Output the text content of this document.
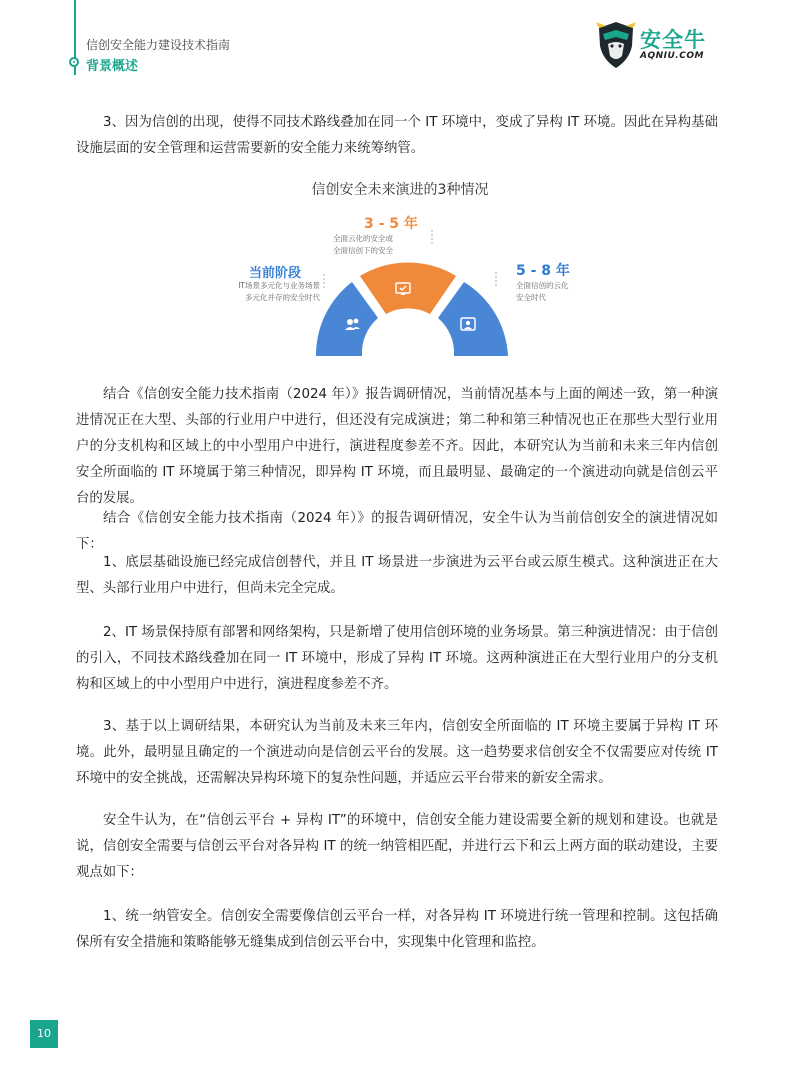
信创安全能力建设技术指南
背景概述
安全牛
AQNIU.COM

3、因为信创的出现，使得不同技术路线叠加在同一个 IT 环境中，变成了异构 IT 环境。因此在异构基础设施层面的安全管理和运营需要新的安全能力来统筹纳管。

信创安全未来演进的3种情况
当前阶段
IT场景多元化与业务场景
多元化并存的安全时代
3 - 5 年
全面云化的安全或
全面信创下的安全
5 - 8 年
全面信创的云化
安全时代

结合《信创安全能力技术指南（2024 年）》报告调研情况，当前情况基本与上面的阐述一致，第一种演进情况正在大型、头部的行业用户中进行，但还没有完成演进；第二种和第三种情况也正在那些大型行业用户的分支机构和区域上的中小型用户中进行，演进程度参差不齐。因此，本研究认为当前和未来三年内信创安全所面临的 IT 环境属于第三种情况，即异构 IT 环境，而且最明显、最确定的一个演进动向就是信创云平台的发展。

结合《信创安全能力技术指南（2024 年）》的报告调研情况，安全牛认为当前信创安全的演进情况如下：

1、底层基础设施已经完成信创替代，并且 IT 场景进一步演进为云平台或云原生模式。这种演进正在大型、头部行业用户中进行，但尚未完全完成。

2、IT 场景保持原有部署和网络架构，只是新增了使用信创环境的业务场景。第三种演进情况：由于信创的引入，不同技术路线叠加在同一 IT 环境中，形成了异构 IT 环境。这两种演进正在大型行业用户的分支机构和区域上的中小型用户中进行，演进程度参差不齐。

3、基于以上调研结果，本研究认为当前及未来三年内，信创安全所面临的 IT 环境主要属于异构 IT 环境。此外，最明显且确定的一个演进动向是信创云平台的发展。这一趋势要求信创安全不仅需要应对传统 IT 环境中的安全挑战，还需解决异构环境下的复杂性问题，并适应云平台带来的新安全需求。

安全牛认为，在“信创云平台 + 异构 IT”的环境中，信创安全能力建设需要全新的规划和建设。也就是说，信创安全需要与信创云平台对各异构 IT 的统一纳管相匹配，并进行云下和云上两方面的联动建设，主要观点如下：

1、统一纳管安全。信创安全需要像信创云平台一样，对各异构 IT 环境进行统一管理和控制。这包括确保所有安全措施和策略能够无缝集成到信创云平台中，实现集中化管理和监控。

10
